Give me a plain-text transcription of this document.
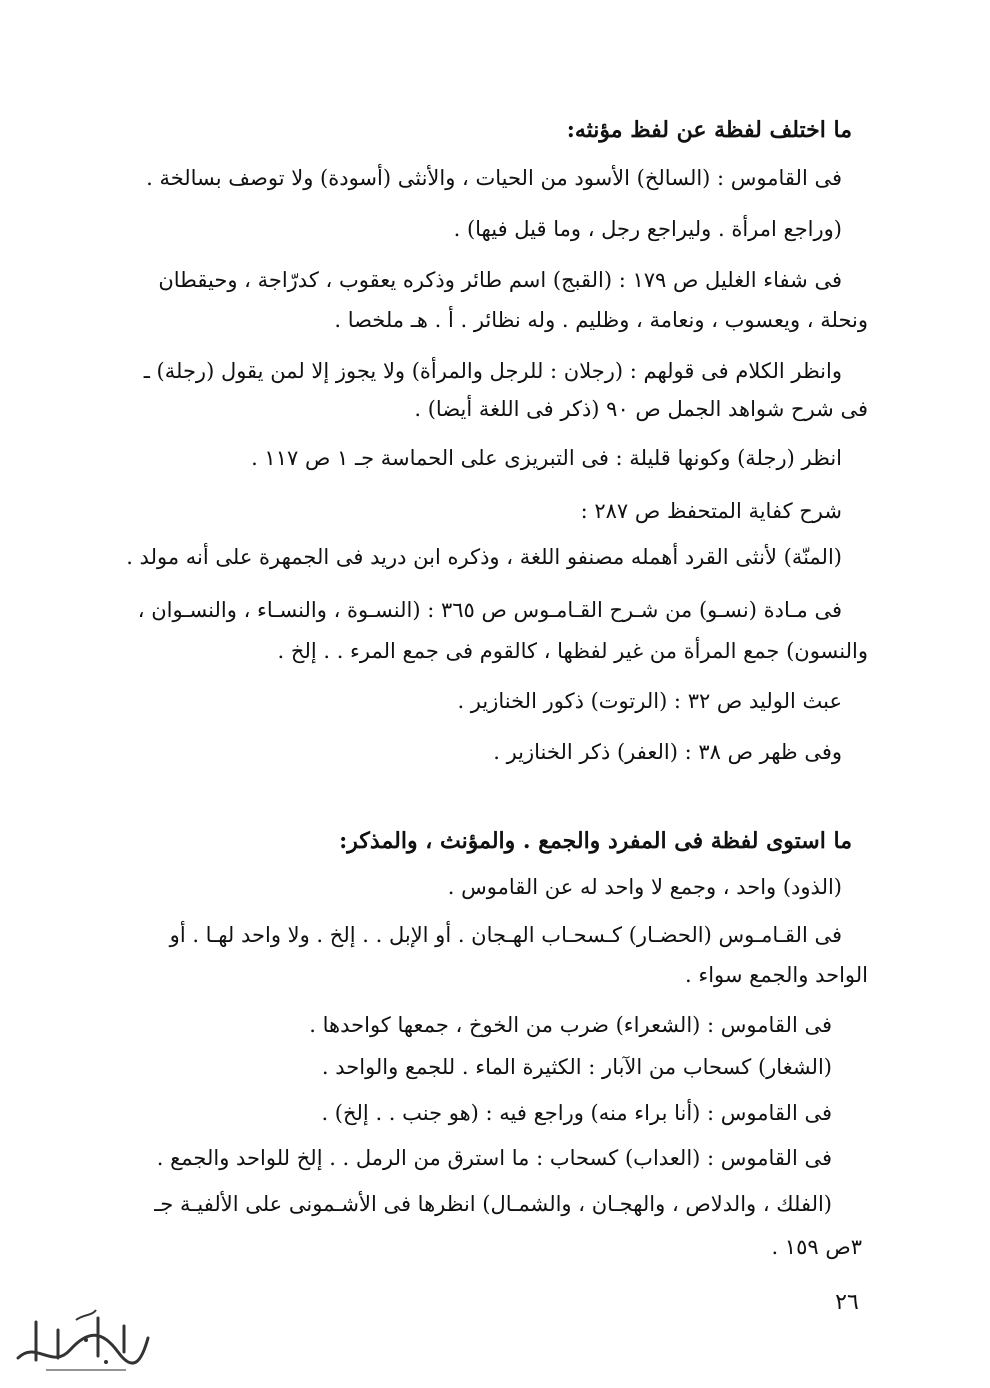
ما اختلف لفظة عن لفظ مؤنثه:
فى القاموس : (السالخ) الأسود من الحيات ، والأنثى (أسودة) ولا توصف بسالخة .
(وراجع امرأة . وليراجع رجل ، وما قيل فيها) .
فى شفاء الغليل ص ١٧٩ : (القبج) اسم طائر وذكره يعقوب ، كدرّاجة ، وحيقطان
ونحلة ، ويعسوب ، ونعامة ، وظليم . وله نظائر . أ . هـ ملخصا .
وانظر الكلام فى قولهم : (رجلان : للرجل والمرأة) ولا يجوز إلا لمن يقول (رجلة) ـ
فى شرح شواهد الجمل ص ٩٠ (ذكر فى اللغة أيضا) .
انظر (رجلة) وكونها قليلة : فى التبريزى على الحماسة جـ ١ ص ١١٧ .
شرح كفاية المتحفظ ص ٢٨٧ :
(المنّة) لأنثى القرد أهمله مصنفو اللغة ، وذكره ابن دريد فى الجمهرة على أنه مولد .
فى مـادة (نسـو) من شـرح القـامـوس ص ٣٦٥ : (النسـوة ، والنسـاء ، والنسـوان ،
والنسون) جمع المرأة من غير لفظها ، كالقوم فى جمع المرء . . إلخ .
عبث الوليد ص ٣٢ : (الرتوت) ذكور الخنازير .
وفى ظهر ص ٣٨ : (العفر) ذكر الخنازير .
ما استوى لفظة فى المفرد والجمع . والمؤنث ، والمذكر:
(الذود) واحد ، وجمع لا واحد له عن القاموس .
فى القـامـوس (الحضـار) كـسحـاب الهـجان . أو الإبل . . إلخ . ولا واحد لهـا . أو
الواحد والجمع سواء .
فى القاموس : (الشعراء) ضرب من الخوخ ، جمعها كواحدها .
(الشغار) كسحاب من الآبار : الكثيرة الماء . للجمع والواحد .
فى القاموس : (أنا براء منه) وراجع فيه : (هو جنب . . إلخ) .
فى القاموس : (العداب) كسحاب : ما استرق من الرمل . . إلخ للواحد والجمع .
(الفلك ، والدلاص ، والهجـان ، والشمـال) انظرها فى الأشـمونى على الألفيـة جـ
٣ص ١٥٩ .
٢٦
